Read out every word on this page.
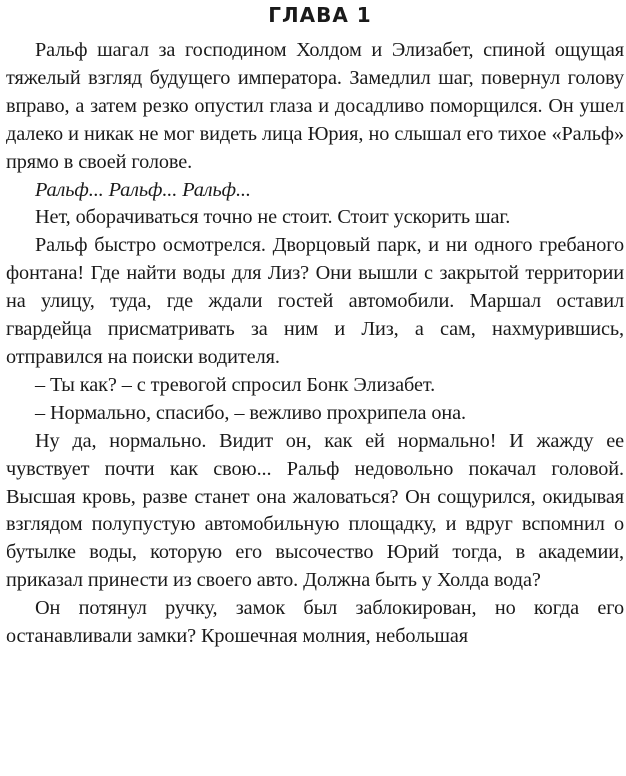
ГЛАВА 1

Ральф шагал за господином Холдом и Элизабет, спиной ощущая тяжелый взгляд будущего императора. Замедлил шаг, повернул голову вправо, а затем резко опустил глаза и досадливо поморщился. Он ушел далеко и никак не мог видеть лица Юрия, но слышал его тихое «Ральф» прямо в своей голове.

Ральф... Ральф... Ральф...

Нет, оборачиваться точно не стоит. Стоит ускорить шаг.

Ральф быстро осмотрелся. Дворцовый парк, и ни одного гребаного фонтана! Где найти воды для Лиз? Они вышли с закрытой территории на улицу, туда, где ждали гостей автомобили. Маршал оставил гвардейца присматривать за ним и Лиз, а сам, нахмурившись, отправился на поиски водителя.

– Ты как? – с тревогой спросил Бонк Элизабет.

– Нормально, спасибо, – вежливо прохрипела она.

Ну да, нормально. Видит он, как ей нормально! И жажду ее чувствует почти как свою... Ральф недовольно покачал головой. Высшая кровь, разве станет она жаловаться? Он сощурился, окидывая взглядом полупустую автомобильную площадку, и вдруг вспомнил о бутылке воды, которую его высочество Юрий тогда, в академии, приказал принести из своего авто. Должна быть у Холда вода?

Он потянул ручку, замок был заблокирован, но когда его останавливали замки? Крошечная молния, небольшая
